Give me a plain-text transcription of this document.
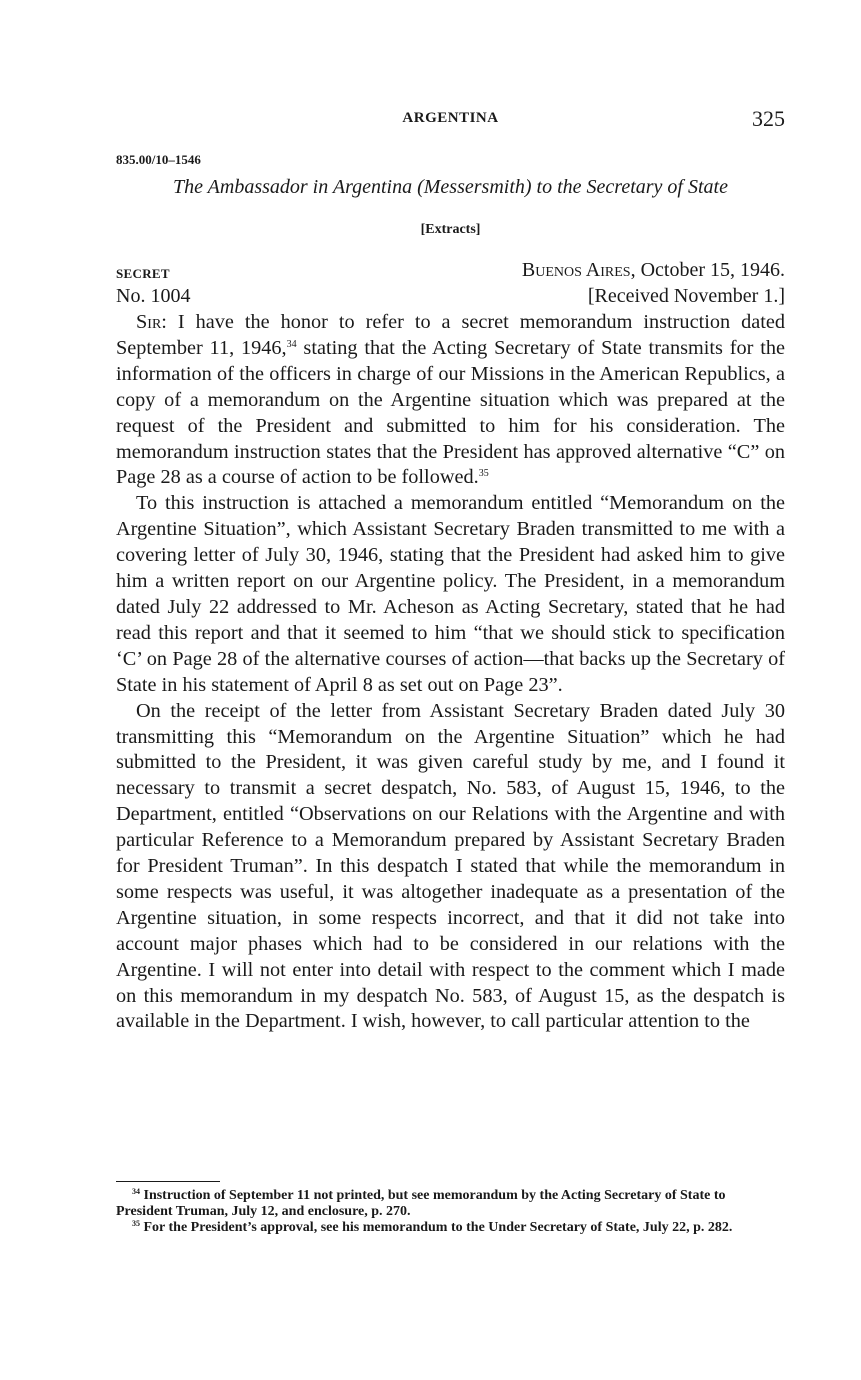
ARGENTINA	325
835.00/10–1546
The Ambassador in Argentina (Messersmith) to the Secretary of State
[Extracts]
SECRET	Buenos Aires, October 15, 1946.
No. 1004	[Received November 1.]

Sir: I have the honor to refer to a secret memorandum instruction dated September 11, 1946,34 stating that the Acting Secretary of State transmits for the information of the officers in charge of our Missions in the American Republics, a copy of a memorandum on the Argentine situation which was prepared at the request of the President and submitted to him for his consideration. The memorandum instruction states that the President has approved alternative “C” on Page 28 as a course of action to be followed.$^{35}$

To this instruction is attached a memorandum entitled “Memorandum on the Argentine Situation”, which Assistant Secretary Braden transmitted to me with a covering letter of July 30, 1946, stating that the President had asked him to give him a written report on our Argentine policy. The President, in a memorandum dated July 22 addressed to Mr. Acheson as Acting Secretary, stated that he had read this report and that it seemed to him “that we should stick to specification ‘C’ on Page 28 of the alternative courses of action—that backs up the Secretary of State in his statement of April 8 as set out on Page 23”.

On the receipt of the letter from Assistant Secretary Braden dated July 30 transmitting this “Memorandum on the Argentine Situation” which he had submitted to the President, it was given careful study by me, and I found it necessary to transmit a secret despatch, No. 583, of August 15, 1946, to the Department, entitled “Observations on our Relations with the Argentine and with particular Reference to a Memorandum prepared by Assistant Secretary Braden for President Truman”. In this despatch I stated that while the memorandum in some respects was useful, it was altogether inadequate as a presentation of the Argentine situation, in some respects incorrect, and that it did not take into account major phases which had to be considered in our relations with the Argentine. I will not enter into detail with respect to the comment which I made on this memorandum in my despatch No. 583, of August 15, as the despatch is available in the Department. I wish, however, to call particular attention to the

$^{34}$ Instruction of September 11 not printed, but see memorandum by the Acting Secretary of State to President Truman, July 12, and enclosure, p. 270.

$^{35}$ For the President’s approval, see his memorandum to the Under Secretary of State, July 22, p. 282.
